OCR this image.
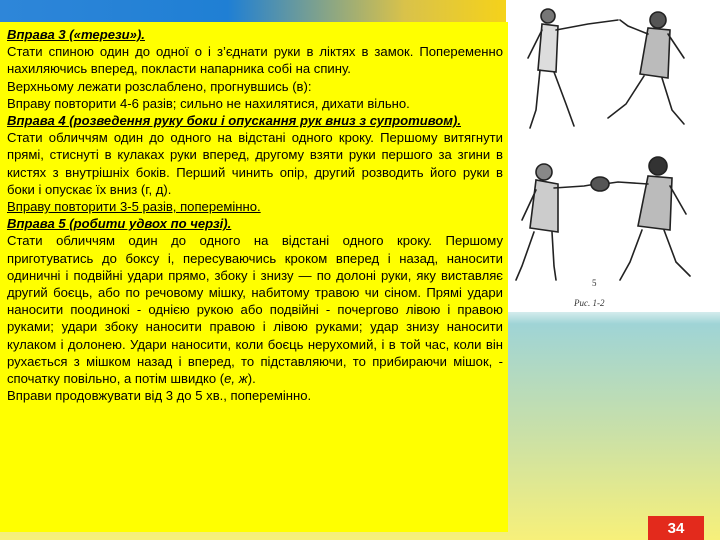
Вправа 3 («терези»).

Стати спиною один до одної о і з’єднати руки в ліктях в замок. Попеременно нахиляючись вперед, покласти напарника собі на спину.

Верхньому лежати розслаблено, прогнувшись (в):

Вправу повторити 4-6 разів; сильно не нахилятися, дихати вільно.

Вправа 4 (розведення руку боки і опускання рук вниз з супротивом).

Стати обличчям один до одного на відстані одного кроку. Першому витягнути прямі, стиснуті в кулаках руки вперед, другому взяти руки першого за згини в кистях з внутрішніх боків. Перший чинить опір, другий розводить його руки в боки і опускає їх вниз (г, д).

Вправу повторити 3-5 разів, поперемінно.

Вправа 5 (робити удвох по черзі).

Стати обличчям один до одного на відстані одного кроку. Першому приготуватись до боксу і, пересуваючись кроком вперед і назад, наносити одиничні і подвійні удари прямо, збоку і знизу — по долоні руки, яку виставляє другий боєць, або по речовому мішку, набитому травою чи сіном. Прямі удари наносити поодинокі - однією рукою або подвійні - почергово лівою і правою руками; удари збоку наносити правою і лівою руками; удар знизу наносити кулаком і долонею. Удари наносити, коли боєць нерухомий, і в той час, коли він рухається з мішком назад і вперед, то підставляючи, то прибираючи мішок, - спочатку повільно, а потім швидко (е, ж).

Вправи продовжувати від 3 до 5 хв., поперемінно.

5
Рис. 1-2
34
